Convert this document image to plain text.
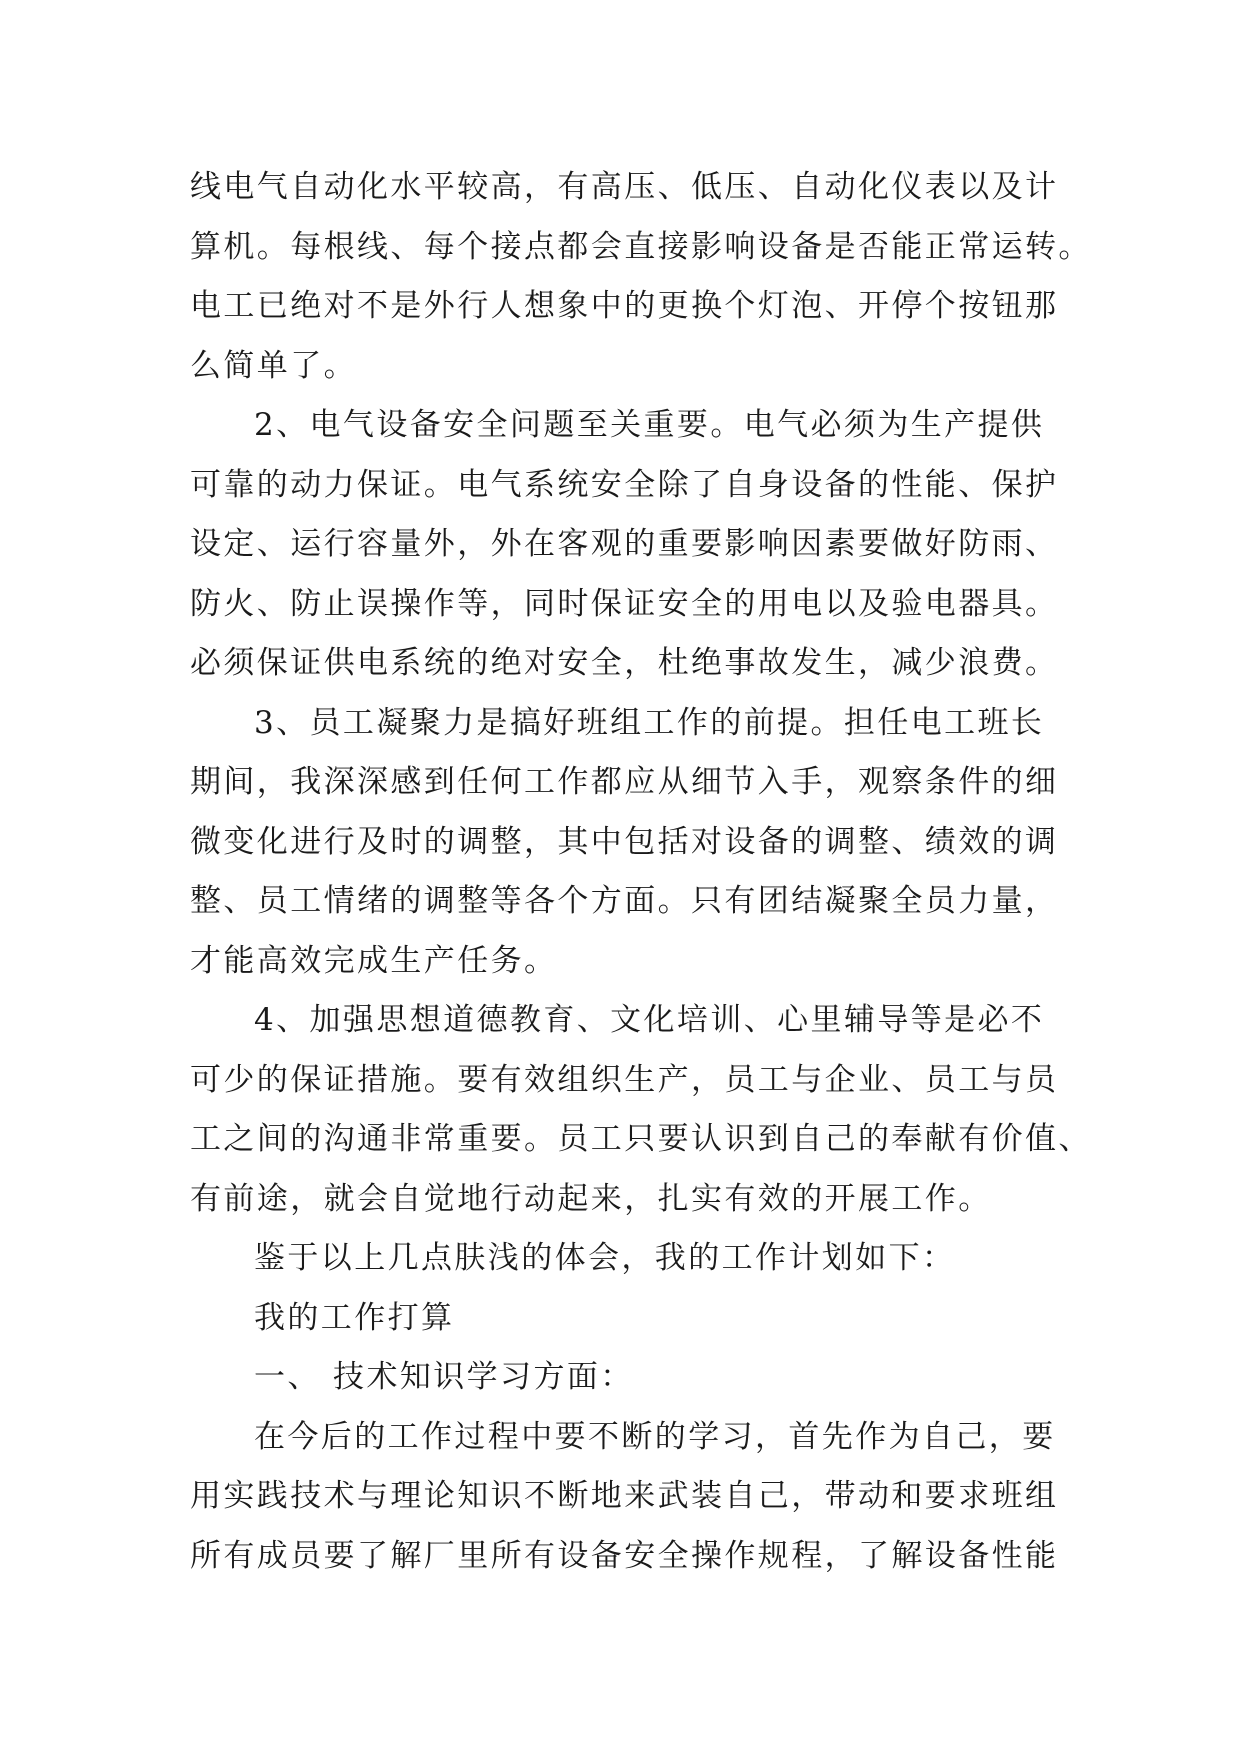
线电气自动化水平较高，有高压、低压、自动化仪表以及计
算机。每根线、每个接点都会直接影响设备是否能正常运转。
电工已绝对不是外行人想象中的更换个灯泡、开停个按钮那
么简单了。
2、电气设备安全问题至关重要。电气必须为生产提供
可靠的动力保证。电气系统安全除了自身设备的性能、保护
设定、运行容量外，外在客观的重要影响因素要做好防雨、
防火、防止误操作等，同时保证安全的用电以及验电器具。
必须保证供电系统的绝对安全，杜绝事故发生，减少浪费。
3、员工凝聚力是搞好班组工作的前提。担任电工班长
期间，我深深感到任何工作都应从细节入手，观察条件的细
微变化进行及时的调整，其中包括对设备的调整、绩效的调
整、员工情绪的调整等各个方面。只有团结凝聚全员力量，
才能高效完成生产任务。
4、加强思想道德教育、文化培训、心里辅导等是必不
可少的保证措施。要有效组织生产，员工与企业、员工与员
工之间的沟通非常重要。员工只要认识到自己的奉献有价值、
有前途，就会自觉地行动起来，扎实有效的开展工作。
鉴于以上几点肤浅的体会，我的工作计划如下：
我的工作打算
一、 技术知识学习方面：
在今后的工作过程中要不断的学习，首先作为自己，要
用实践技术与理论知识不断地来武装自己，带动和要求班组
所有成员要了解厂里所有设备安全操作规程，了解设备性能
